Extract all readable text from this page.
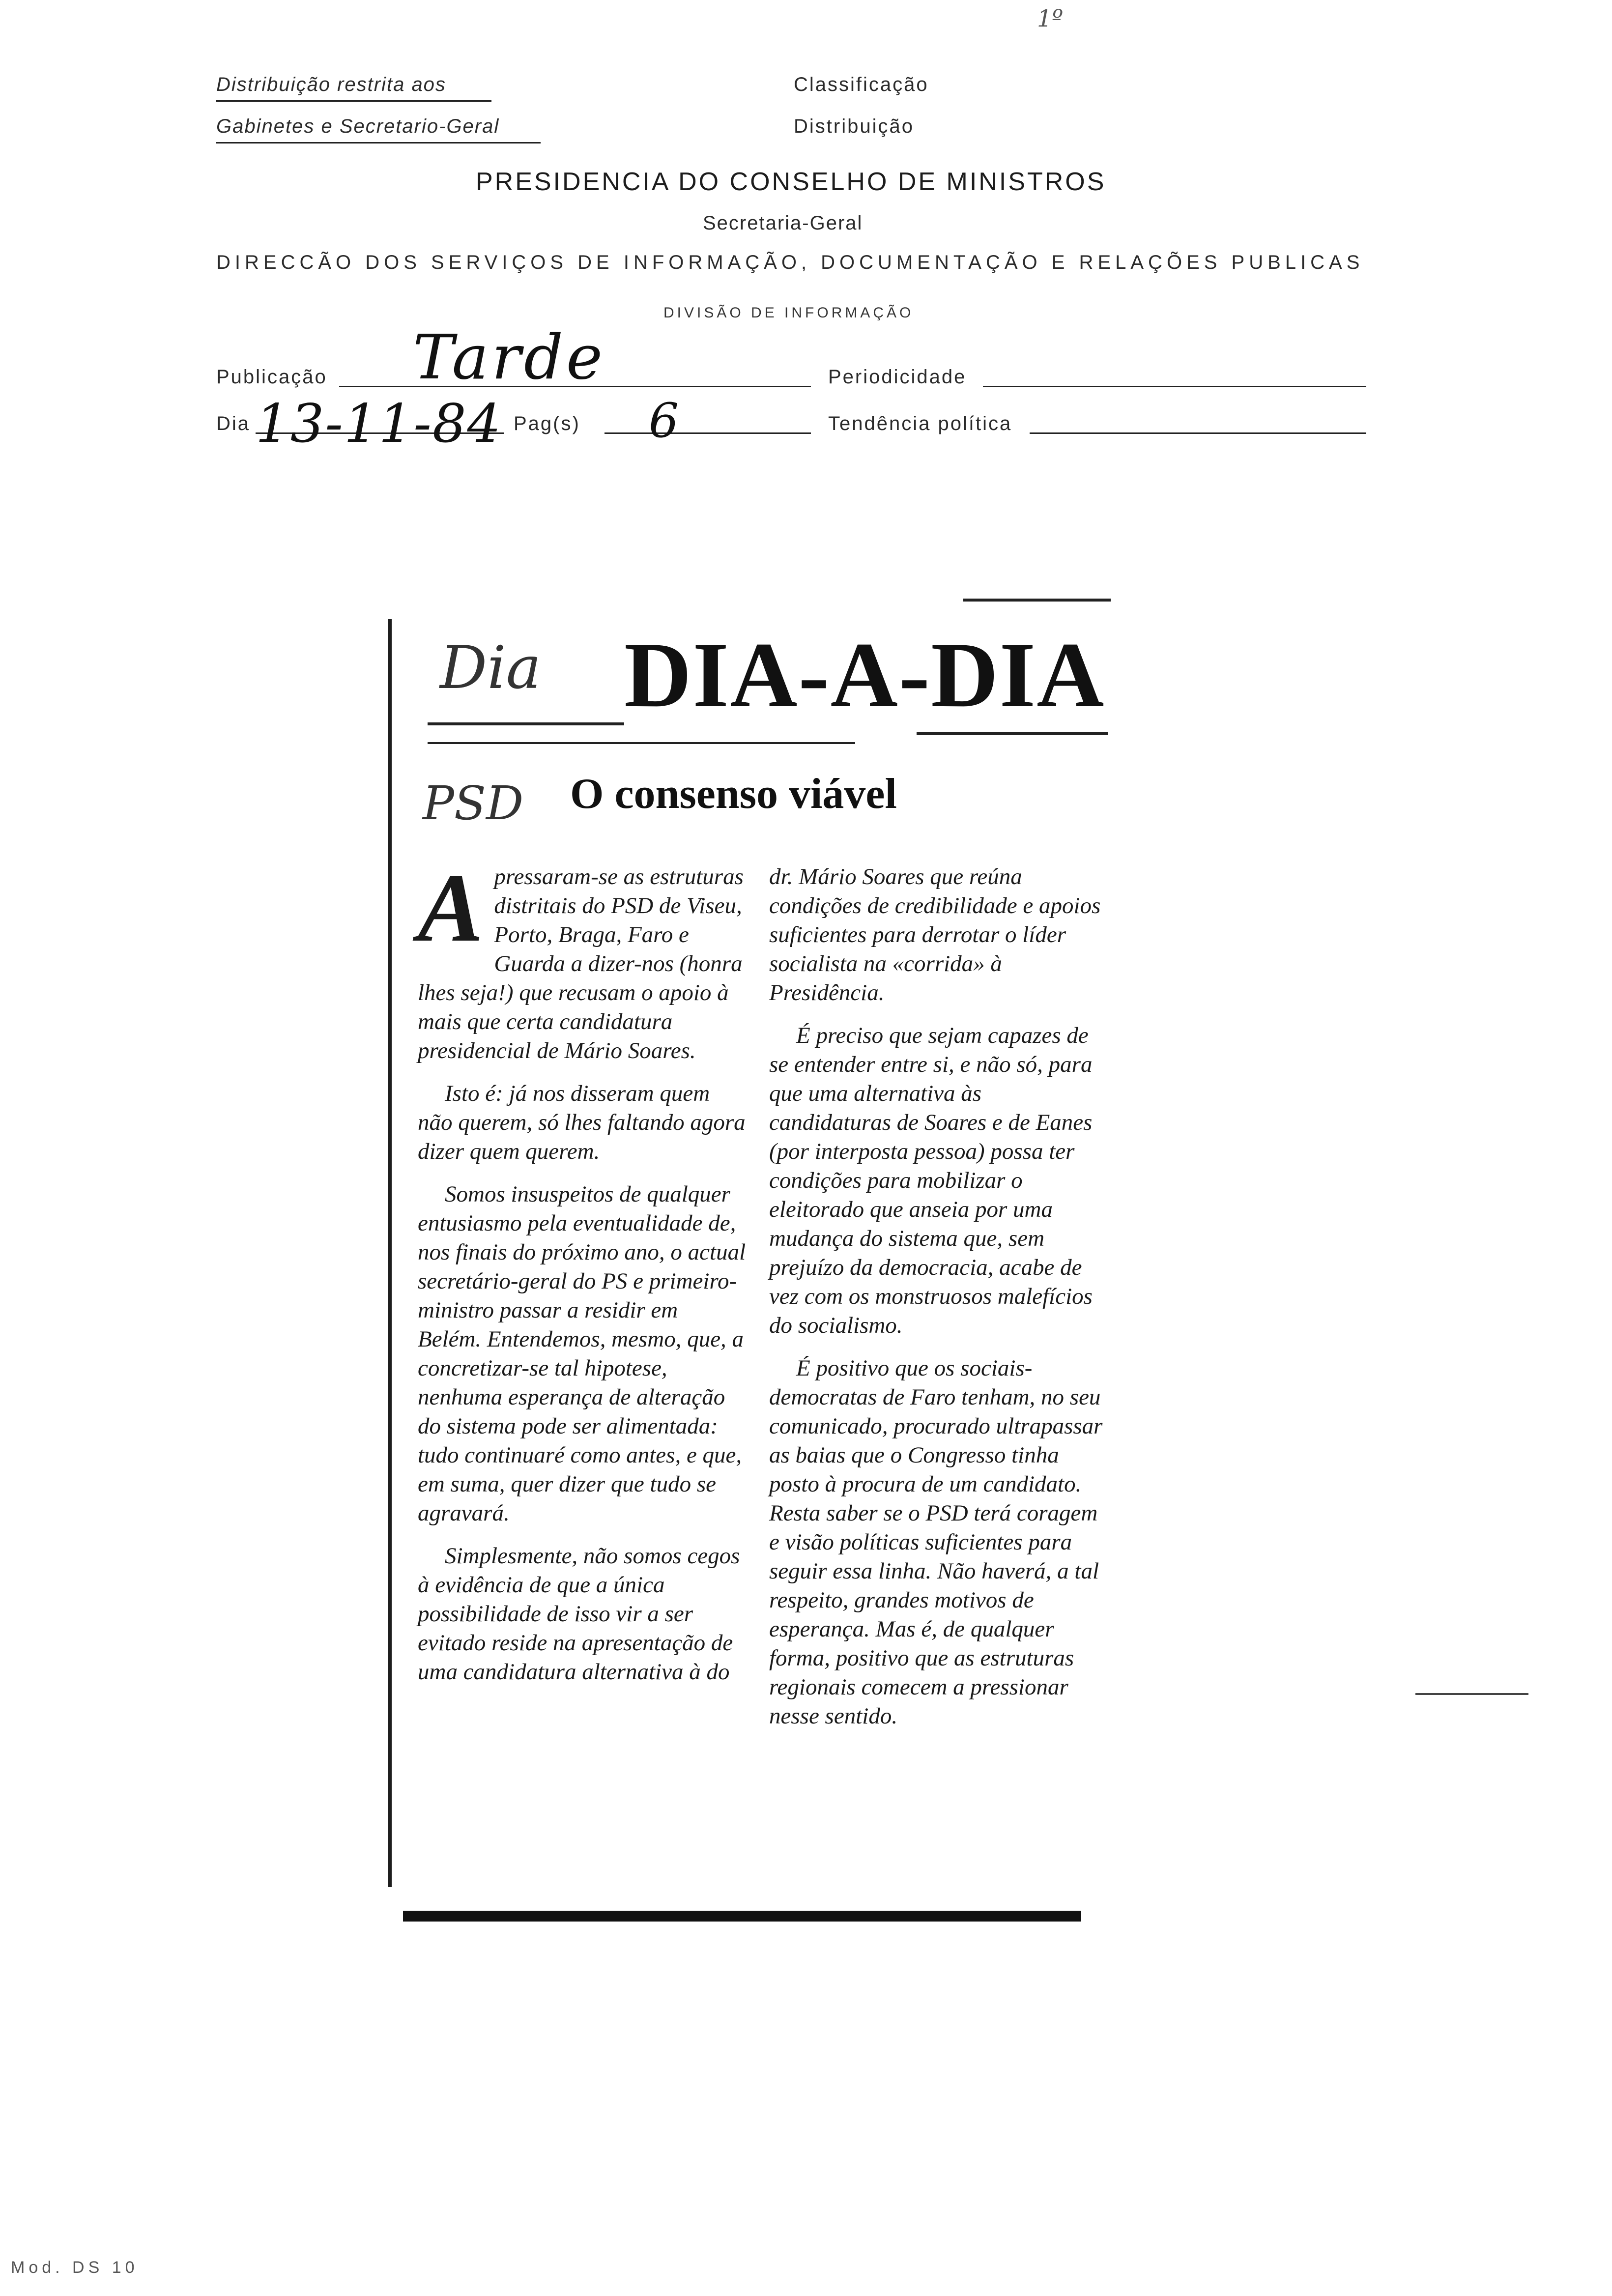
Distribuição restrita aos
Gabinetes e Secretario-Geral
Classificação
Distribuição
1º
PRESIDENCIA DO CONSELHO DE MINISTROS
Secretaria-Geral
DIRECCÃO DOS SERVIÇOS DE INFORMAÇÃO, DOCUMENTAÇÃO E RELAÇÕES PUBLICAS
DIVISÃO DE INFORMAÇÃO
Publicação Tarde	Periodicidade
Dia 13-11-84 Pag(s) 6	Tendência política
Dia DIA-A-DIA
PSD O consenso viável
A pressaram-se as estruturas distritais do PSD de Viseu, Porto, Braga, Faro e Guarda a dizer-nos (honra lhes seja!) que recusam o apoio à mais que certa candidatura presidencial de Mário Soares.

Isto é: já nos disseram quem não querem, só lhes faltando agora dizer quem querem.

Somos insuspeitos de qualquer entusiasmo pela eventualidade de, nos finais do próximo ano, o actual secretário-geral do PS e primeiro-ministro passar a residir em Belém. Entendemos, mesmo, que, a concretizar-se tal hipotese, nenhuma esperança de alteração do sistema pode ser alimentada: tudo continuaré como antes, e que, em suma, quer dizer que tudo se agravará.

Simplesmente, não somos cegos à evidência de que a única possibilidade de isso vir a ser evitado reside na apresentação de uma candidatura alternativa à do

dr. Mário Soares que reúna condições de credibilidade e apoios suficientes para derrotar o líder socialista na «corrida» à Presidência.

É preciso que sejam capazes de se entender entre si, e não só, para que uma alternativa às candidaturas de Soares e de Eanes (por interposta pessoa) possa ter condições para mobilizar o eleitorado que anseia por uma mudança do sistema que, sem prejuízo da democracia, acabe de vez com os monstruosos malefícios do socialismo.

É positivo que os sociais-democratas de Faro tenham, no seu comunicado, procurado ultrapassar as baias que o Congresso tinha posto à procura de um candidato. Resta saber se o PSD terá coragem e visão políticas suficientes para seguir essa linha. Não haverá, a tal respeito, grandes motivos de esperança. Mas é, de qualquer forma, positivo que as estruturas regionais comecem a pressionar nesse sentido.

Mod. DS 10
